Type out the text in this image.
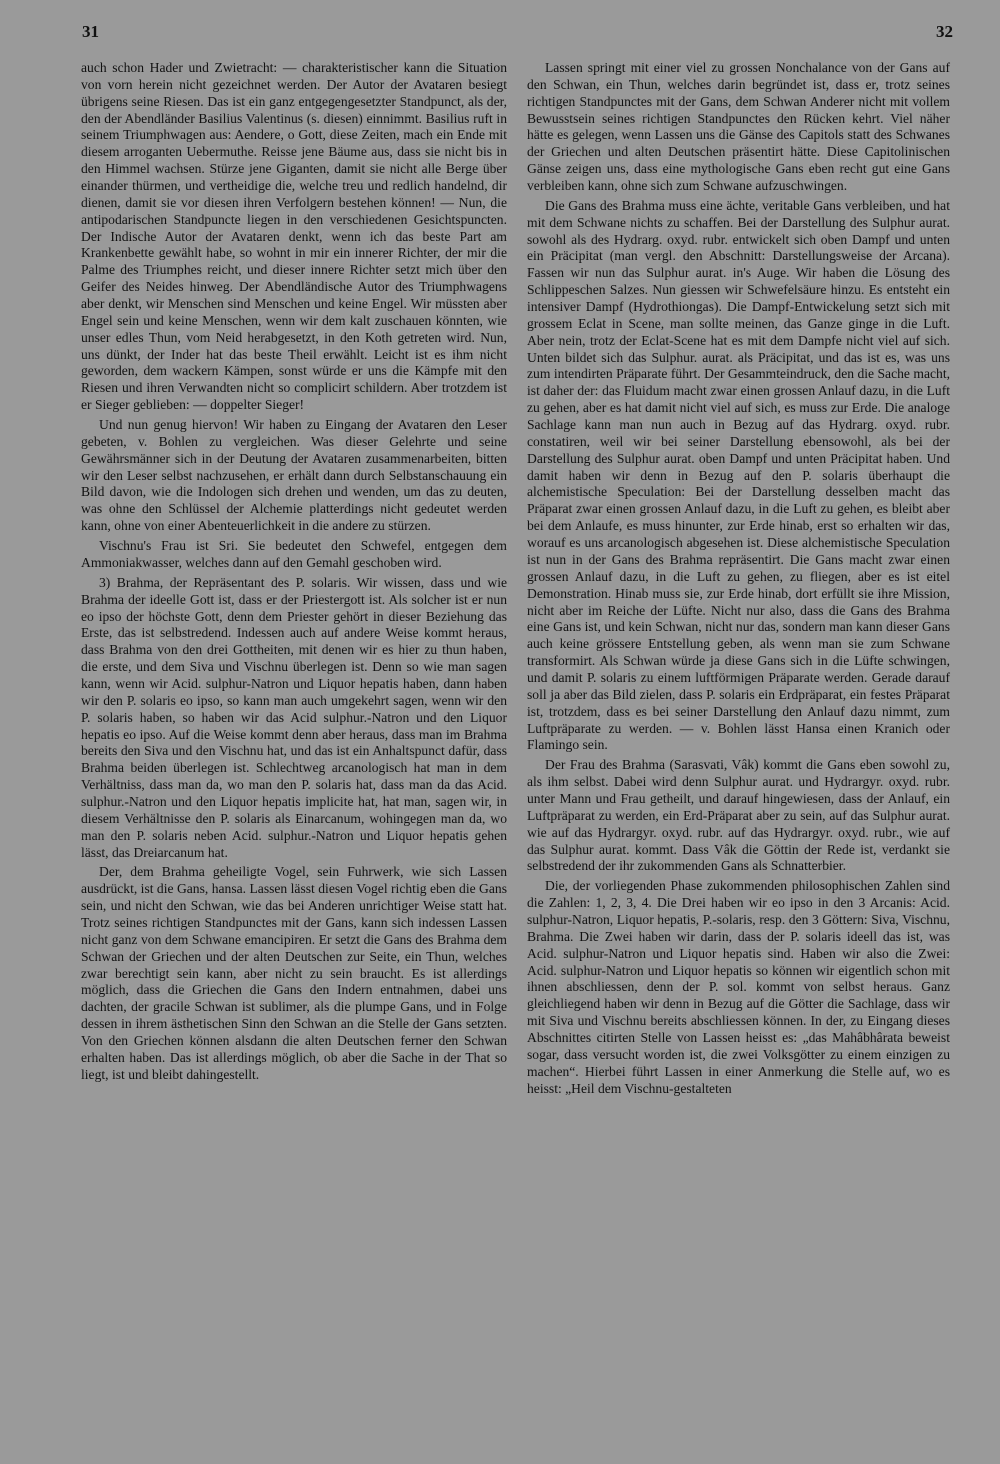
31	32

auch schon Hader und Zwietracht: — charakteristischer kann die Situation von vorn herein nicht gezeichnet werden. Der Autor der Avataren besiegt übrigens seine Riesen. Das ist ein ganz entgegengesetzter Standpunct, als der, den der Abendländer Basilius Valentinus (s. diesen) einnimmt. Basilius ruft in seinem Triumphwagen aus: Aendere, o Gott, diese Zeiten, mach ein Ende mit diesem arroganten Uebermuthe. Reisse jene Bäume aus, dass sie nicht bis in den Himmel wachsen. Stürze jene Giganten, damit sie nicht alle Berge über einander thürmen, und vertheidige die, welche treu und redlich handelnd, dir dienen, damit sie vor diesen ihren Verfolgern bestehen können! — Nun, die antipodarischen Standpuncte liegen in den verschiedenen Gesichtspuncten. Der Indische Autor der Avataren denkt, wenn ich das beste Part am Krankenbette gewählt habe, so wohnt in mir ein innerer Richter, der mir die Palme des Triumphes reicht, und dieser innere Richter setzt mich über den Geifer des Neides hinweg. Der Abendländische Autor des Triumphwagens aber denkt, wir Menschen sind Menschen und keine Engel. Wir müssten aber Engel sein und keine Menschen, wenn wir dem kalt zuschauen könnten, wie unser edles Thun, vom Neid herabgesetzt, in den Koth getreten wird. Nun, uns dünkt, der Inder hat das beste Theil erwählt. Leicht ist es ihm nicht geworden, dem wackern Kämpen, sonst würde er uns die Kämpfe mit den Riesen und ihren Verwandten nicht so complicirt schildern. Aber trotzdem ist er Sieger geblieben: — doppelter Sieger!

Und nun genug hiervon! Wir haben zu Eingang der Avataren den Leser gebeten, v. Bohlen zu vergleichen. Was dieser Gelehrte und seine Gewährsmänner sich in der Deutung der Avataren zusammenarbeiten, bitten wir den Leser selbst nachzusehen, er erhält dann durch Selbstanschauung ein Bild davon, wie die Indologen sich drehen und wenden, um das zu deuten, was ohne den Schlüssel der Alchemie platterdings nicht gedeutet werden kann, ohne von einer Abenteuerlichkeit in die andere zu stürzen.

Vischnu's Frau ist Sri. Sie bedeutet den Schwefel, entgegen dem Ammoniakwasser, welches dann auf den Gemahl geschoben wird.

3) Brahma, der Repräsentant des P. solaris. Wir wissen, dass und wie Brahma der ideelle Gott ist, dass er der Priestergott ist. Als solcher ist er nun eo ipso der höchste Gott, denn dem Priester gehört in dieser Beziehung das Erste, das ist selbstredend. Indessen auch auf andere Weise kommt heraus, dass Brahma von den drei Gottheiten, mit denen wir es hier zu thun haben, die erste, und dem Siva und Vischnu überlegen ist. Denn so wie man sagen kann, wenn wir Acid. sulphur-Natron und Liquor hepatis haben, dann haben wir den P. solaris eo ipso, so kann man auch umgekehrt sagen, wenn wir den P. solaris haben, so haben wir das Acid sulphur.-Natron und den Liquor hepatis eo ipso. Auf die Weise kommt denn aber heraus, dass man im Brahma bereits den Siva und den Vischnu hat, und das ist ein Anhaltspunct dafür, dass Brahma beiden überlegen ist. Schlechtweg arcanologisch hat man in dem Verhältniss, dass man da, wo man den P. solaris hat, dass man da das Acid. sulphur.-Natron und den Liquor hepatis implicite hat, hat man, sagen wir, in diesem Verhältnisse den P. solaris als Einarcanum, wohingegen man da, wo man den P. solaris neben Acid. sulphur.-Natron und Liquor hepatis gehen lässt, das Dreiarcanum hat.

Der, dem Brahma geheiligte Vogel, sein Fuhrwerk, wie sich Lassen ausdrückt, ist die Gans, hansa. Lassen lässt diesen Vogel richtig eben die Gans sein, und nicht den Schwan, wie das bei Anderen unrichtiger Weise statt hat. Trotz seines richtigen Standpunctes mit der Gans, kann sich indessen Lassen nicht ganz von dem Schwane emancipiren. Er setzt die Gans des Brahma dem Schwan der Griechen und der alten Deutschen zur Seite, ein Thun, welches zwar berechtigt sein kann, aber nicht zu sein braucht. Es ist allerdings möglich, dass die Griechen die Gans den Indern entnahmen, dabei uns dachten, der gracile Schwan ist sublimer, als die plumpe Gans, und in Folge dessen in ihrem ästhetischen Sinn den Schwan an die Stelle der Gans setzten. Von den Griechen können alsdann die alten Deutschen ferner den Schwan erhalten haben. Das ist allerdings möglich, ob aber die Sache in der That so liegt, ist und bleibt dahingestellt.

Lassen springt mit einer viel zu grossen Nonchalance von der Gans auf den Schwan, ein Thun, welches darin begründet ist, dass er, trotz seines richtigen Standpunctes mit der Gans, dem Schwan Anderer nicht mit vollem Bewusstsein seines richtigen Standpunctes den Rücken kehrt. Viel näher hätte es gelegen, wenn Lassen uns die Gänse des Capitols statt des Schwanes der Griechen und alten Deutschen präsentirt hätte. Diese Capitolinischen Gänse zeigen uns, dass eine mythologische Gans eben recht gut eine Gans verbleiben kann, ohne sich zum Schwane aufzuschwingen.

Die Gans des Brahma muss eine ächte, veritable Gans verbleiben, und hat mit dem Schwane nichts zu schaffen. Bei der Darstellung des Sulphur aurat. sowohl als des Hydrarg. oxyd. rubr. entwickelt sich oben Dampf und unten ein Präcipitat (man vergl. den Abschnitt: Darstellungsweise der Arcana). Fassen wir nun das Sulphur aurat. in's Auge. Wir haben die Lösung des Schlippeschen Salzes. Nun giessen wir Schwefelsäure hinzu. Es entsteht ein intensiver Dampf (Hydrothiongas). Die Dampf-Entwickelung setzt sich mit grossem Eclat in Scene, man sollte meinen, das Ganze ginge in die Luft. Aber nein, trotz der Eclat-Scene hat es mit dem Dampfe nicht viel auf sich. Unten bildet sich das Sulphur. aurat. als Präcipitat, und das ist es, was uns zum intendirten Präparate führt. Der Gesammteindruck, den die Sache macht, ist daher der: das Fluidum macht zwar einen grossen Anlauf dazu, in die Luft zu gehen, aber es hat damit nicht viel auf sich, es muss zur Erde. Die analoge Sachlage kann man nun auch in Bezug auf das Hydrarg. oxyd. rubr. constatiren, weil wir bei seiner Darstellung ebensowohl, als bei der Darstellung des Sulphur aurat. oben Dampf und unten Präcipitat haben. Und damit haben wir denn in Bezug auf den P. solaris überhaupt die alchemistische Speculation: Bei der Darstellung desselben macht das Präparat zwar einen grossen Anlauf dazu, in die Luft zu gehen, es bleibt aber bei dem Anlaufe, es muss hinunter, zur Erde hinab, erst so erhalten wir das, worauf es uns arcanologisch abgesehen ist. Diese alchemistische Speculation ist nun in der Gans des Brahma repräsentirt. Die Gans macht zwar einen grossen Anlauf dazu, in die Luft zu gehen, zu fliegen, aber es ist eitel Demonstration. Hinab muss sie, zur Erde hinab, dort erfüllt sie ihre Mission, nicht aber im Reiche der Lüfte. Nicht nur also, dass die Gans des Brahma eine Gans ist, und kein Schwan, nicht nur das, sondern man kann dieser Gans auch keine grössere Entstellung geben, als wenn man sie zum Schwane transformirt. Als Schwan würde ja diese Gans sich in die Lüfte schwingen, und damit P. solaris zu einem luftförmigen Präparate werden. Gerade darauf soll ja aber das Bild zielen, dass P. solaris ein Erdpräparat, ein festes Präparat ist, trotzdem, dass es bei seiner Darstellung den Anlauf dazu nimmt, zum Luftpräparate zu werden. — v. Bohlen lässt Hansa einen Kranich oder Flamingo sein.

Der Frau des Brahma (Sarasvati, Vâk) kommt die Gans eben sowohl zu, als ihm selbst. Dabei wird denn Sulphur aurat. und Hydrargyr. oxyd. rubr. unter Mann und Frau getheilt, und darauf hingewiesen, dass der Anlauf, ein Luftpräparat zu werden, ein Erd-Präparat aber zu sein, auf das Sulphur aurat. wie auf das Hydrargyr. oxyd. rubr. auf das Hydrargyr. oxyd. rubr., wie auf das Sulphur aurat. kommt. Dass Vâk die Göttin der Rede ist, verdankt sie selbstredend der ihr zukommenden Gans als Schnatterbier.

Die, der vorliegenden Phase zukommenden philosophischen Zahlen sind die Zahlen: 1, 2, 3, 4. Die Drei haben wir eo ipso in den 3 Arcanis: Acid. sulphur-Natron, Liquor hepatis, P.-solaris, resp. den 3 Göttern: Siva, Vischnu, Brahma. Die Zwei haben wir darin, dass der P. solaris ideell das ist, was Acid. sulphur-Natron und Liquor hepatis sind. Haben wir also die Zwei: Acid. sulphur-Natron und Liquor hepatis so können wir eigentlich schon mit ihnen abschliessen, denn der P. sol. kommt von selbst heraus. Ganz gleichliegend haben wir denn in Bezug auf die Götter die Sachlage, dass wir mit Siva und Vischnu bereits abschliessen können. In der, zu Eingang dieses Abschnittes citirten Stelle von Lassen heisst es: „das Mahâbhârata beweist sogar, dass versucht worden ist, die zwei Volksgötter zu einem einzigen zu machen“. Hierbei führt Lassen in einer Anmerkung die Stelle auf, wo es heisst: „Heil dem Vischnu-gestalteten
